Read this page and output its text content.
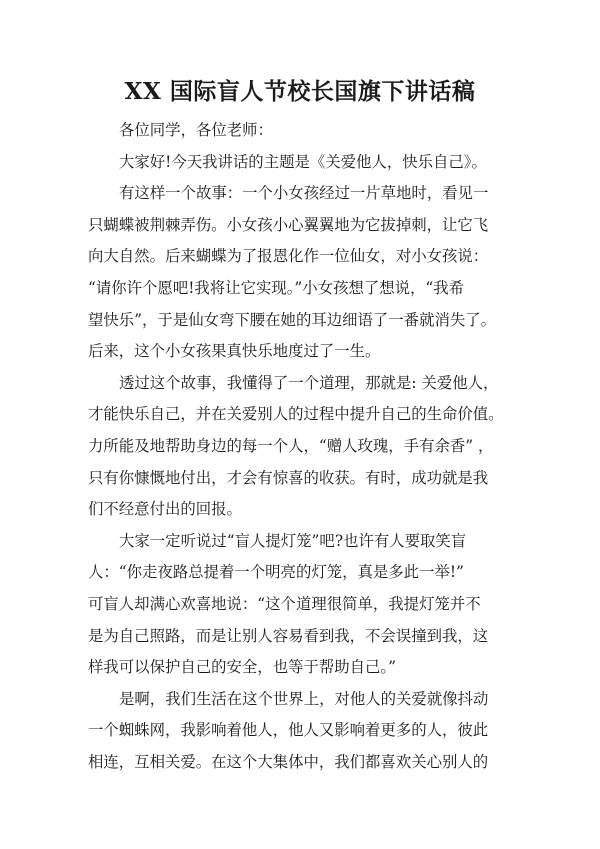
XX 国际盲人节校长国旗下讲话稿
各位同学，各位老师：
大家好!今天我讲话的主题是《关爱他人，快乐自己》。
有这样一个故事：一个小女孩经过一片草地时，看见一
只蝴蝶被荆棘弄伤。小女孩小心翼翼地为它拔掉刺，让它飞
向大自然。后来蝴蝶为了报恩化作一位仙女，对小女孩说：
“请你许个愿吧!我将让它实现。”小女孩想了想说，“我希
望快乐”，于是仙女弯下腰在她的耳边细语了一番就消失了。
后来，这个小女孩果真快乐地度过了一生。
透过这个故事，我懂得了一个道理，那就是: 关爱他人，
才能快乐自己，并在关爱别人的过程中提升自己的生命价值。
力所能及地帮助身边的每一个人，“赠人玫瑰，手有余香” ，
只有你慷慨地付出，才会有惊喜的收获。有时，成功就是我
们不经意付出的回报。
大家一定听说过“盲人提灯笼”吧?也许有人要取笑盲
人：“你走夜路总提着一个明亮的灯笼，真是多此一举!”
可盲人却满心欢喜地说：“这个道理很简单，我提灯笼并不
是为自己照路，而是让别人容易看到我，不会误撞到我，这
样我可以保护自己的安全，也等于帮助自己。”
是啊，我们生活在这个世界上，对他人的关爱就像抖动
一个蜘蛛网，我影响着他人，他人又影响着更多的人，彼此
相连，互相关爱。在这个大集体中，我们都喜欢关心别人的
